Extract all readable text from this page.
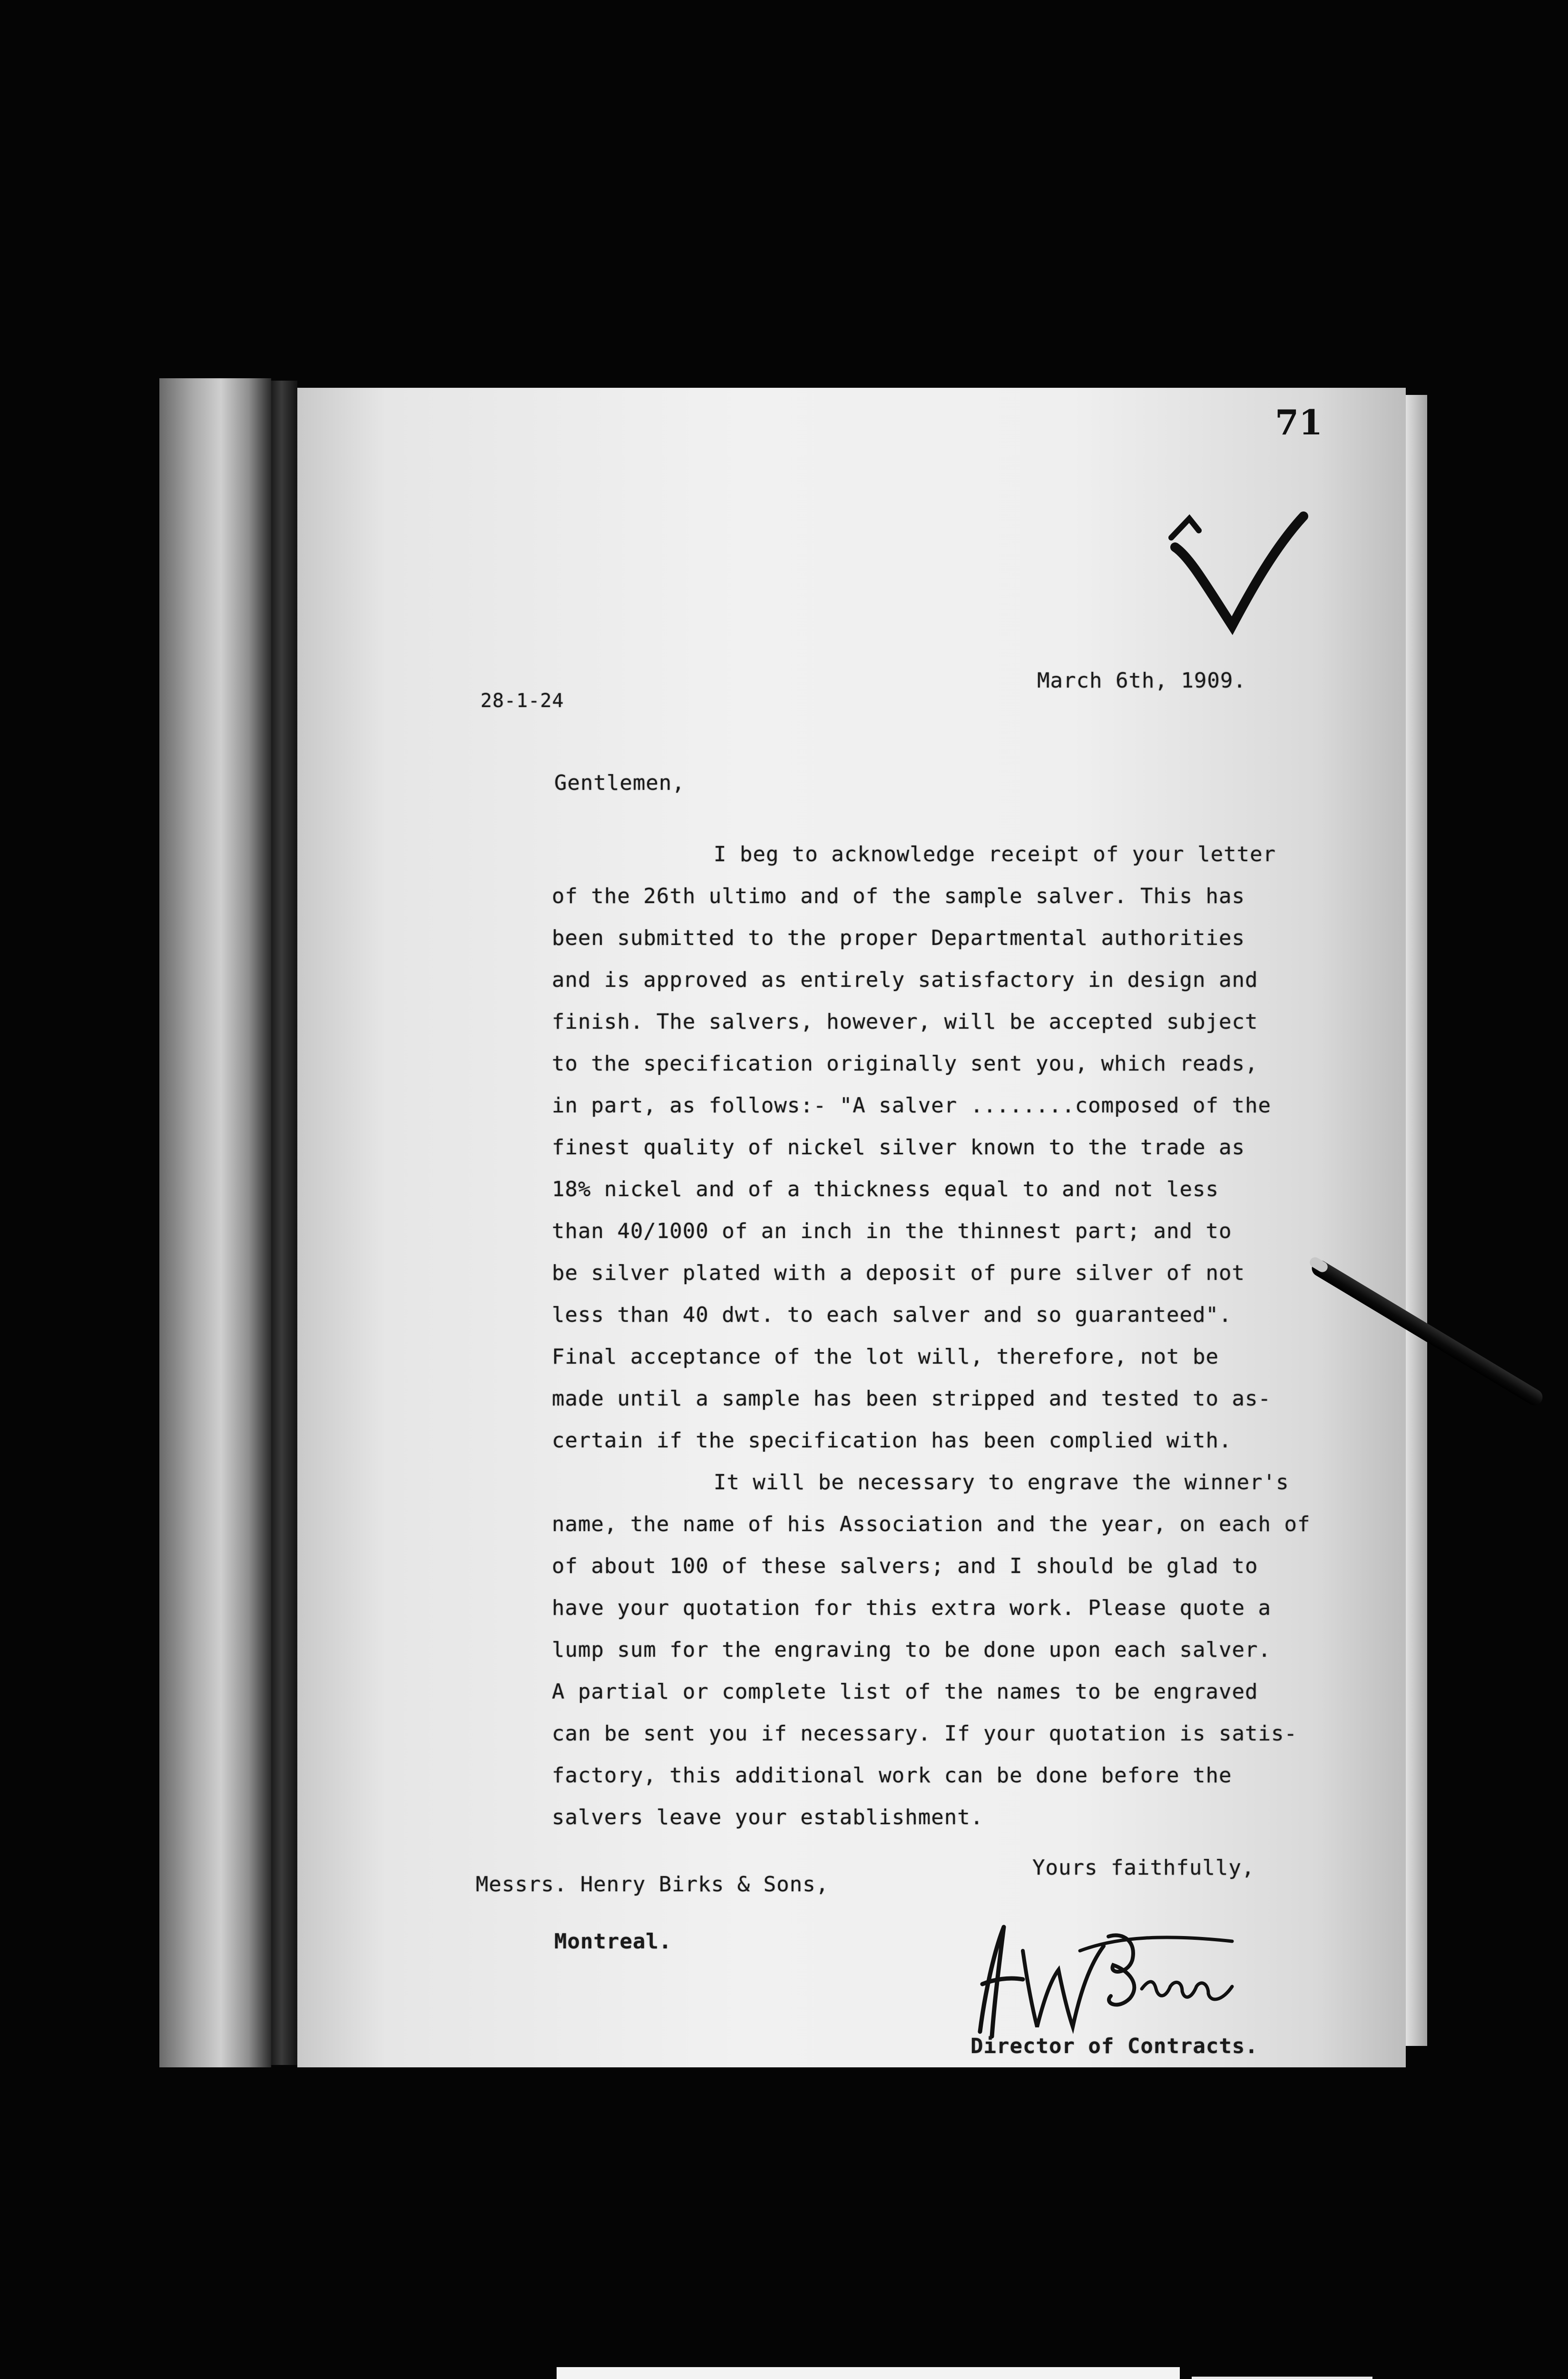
71
28-1-24
March 6th, 1909.
Gentlemen,
I beg to acknowledge receipt of your letter
of the 26th ultimo and of the sample salver. This has
been submitted to the proper Departmental authorities
and is approved as entirely satisfactory in design and
finish. The salvers, however, will be accepted subject
to the specification originally sent you, which reads,
in part, as follows:- "A salver ........composed of the
finest quality of nickel silver known to the trade as
18% nickel and of a thickness equal to and not less
than 40/1000 of an inch in the thinnest part; and to
be silver plated with a deposit of pure silver of not
less than 40 dwt. to each salver and so guaranteed".
Final acceptance of the lot will, therefore, not be
made until a sample has been stripped and tested to as-
certain if the specification has been complied with.
It will be necessary to engrave the winner's
name, the name of his Association and the year, on each of
of about 100 of these salvers; and I should be glad to
have your quotation for this extra work. Please quote a
lump sum for the engraving to be done upon each salver.
A partial or complete list of the names to be engraved
can be sent you if necessary. If your quotation is satis-
factory, this additional work can be done before the
salvers leave your establishment.
Yours faithfully,
Messrs. Henry Birks & Sons,
Montreal.
Director of Contracts.
